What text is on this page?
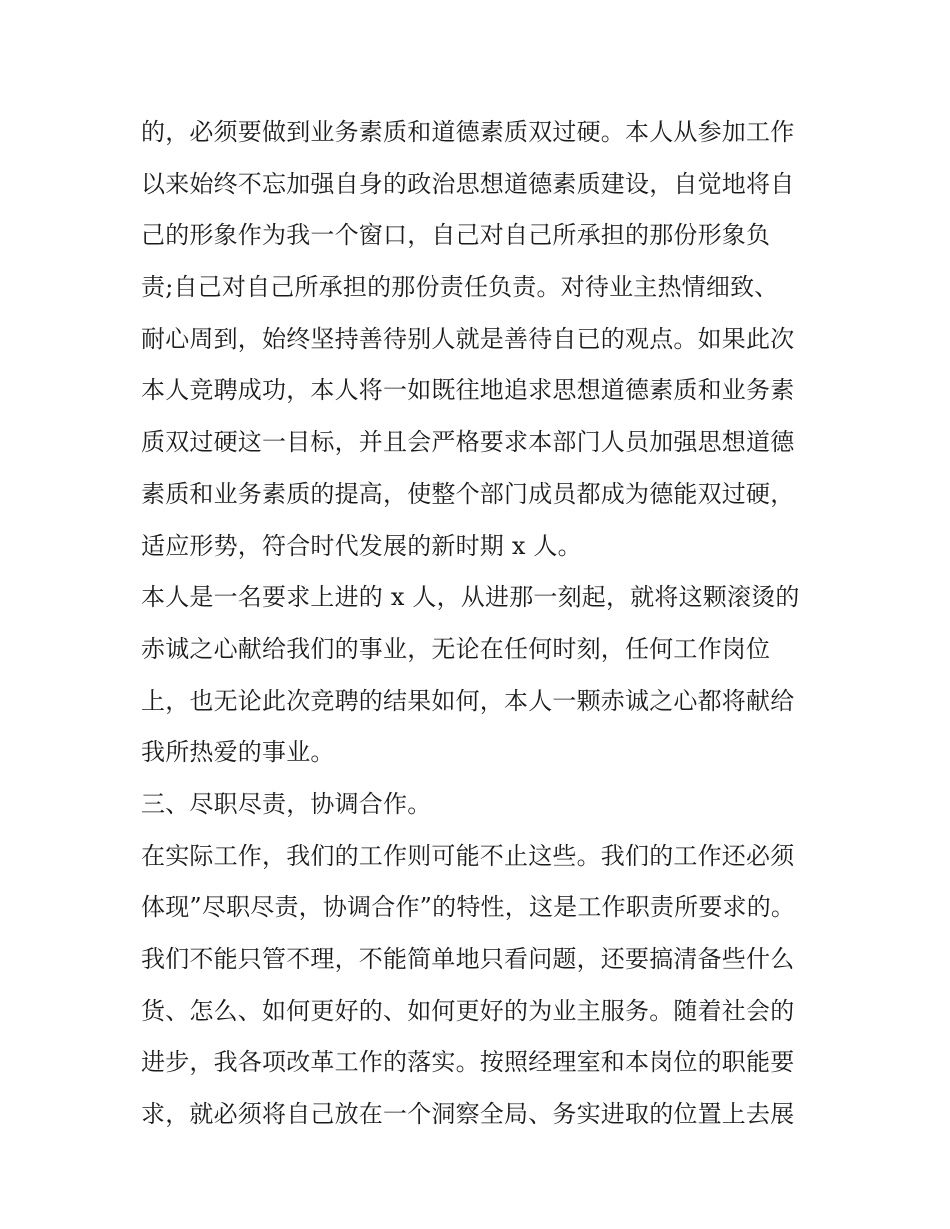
的，必须要做到业务素质和道德素质双过硬。本人从参加工作
以来始终不忘加强自身的政治思想道德素质建设，自觉地将自
己的形象作为我一个窗口，自己对自己所承担的那份形象负
责;自己对自己所承担的那份责任负责。对待业主热情细致、
耐心周到，始终坚持善待别人就是善待自已的观点。如果此次
本人竞聘成功，本人将一如既往地追求思想道德素质和业务素
质双过硬这一目标，并且会严格要求本部门人员加强思想道德
素质和业务素质的提高，使整个部门成员都成为德能双过硬，
适应形势，符合时代发展的新时期 x 人。
本人是一名要求上进的 x 人，从进那一刻起，就将这颗滚烫的
赤诚之心献给我们的事业，无论在任何时刻，任何工作岗位
上，也无论此次竞聘的结果如何，本人一颗赤诚之心都将献给
我所热爱的事业。
三、尽职尽责，协调合作。
在实际工作，我们的工作则可能不止这些。我们的工作还必须
体现”尽职尽责，协调合作”的特性，这是工作职责所要求的。
我们不能只管不理，不能简单地只看问题，还要搞清备些什么
货、怎么、如何更好的、如何更好的为业主服务。随着社会的
进步，我各项改革工作的落实。按照经理室和本岗位的职能要
求，就必须将自己放在一个洞察全局、务实进取的位置上去展
